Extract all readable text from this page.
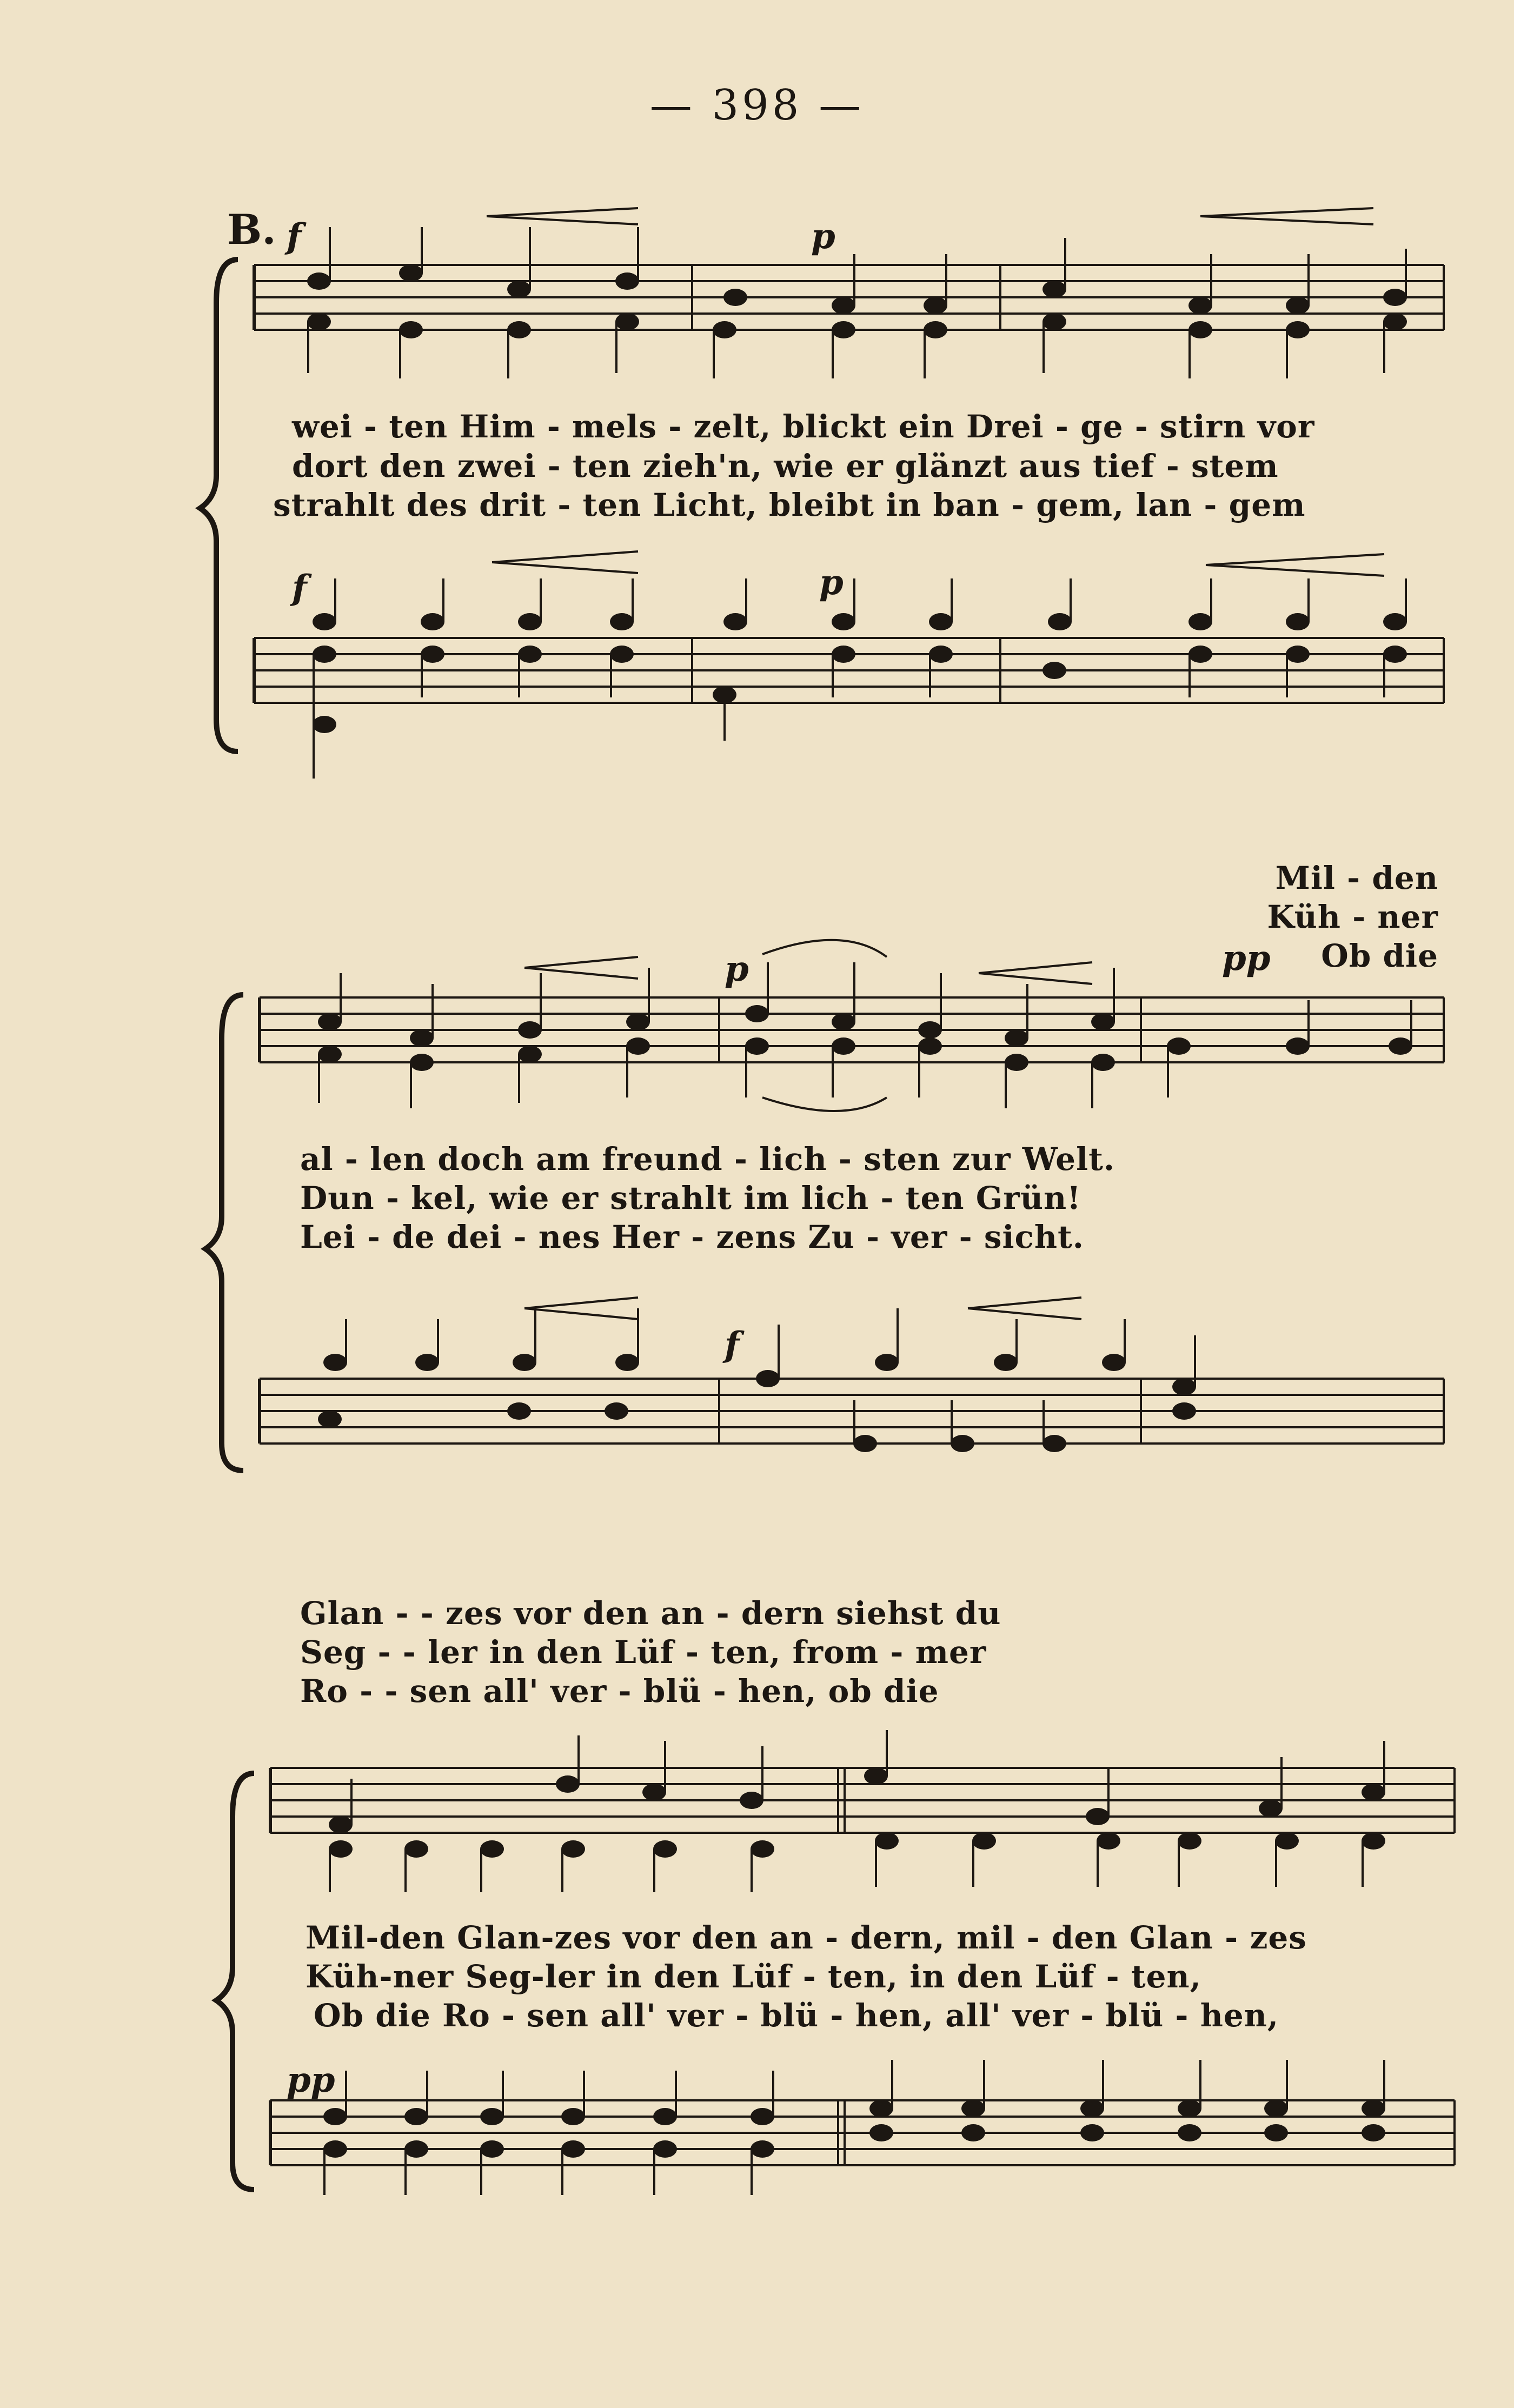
— 398 —
B. f	p
f	p
wei - ten Him - mels - zelt, blickt ein Drei - ge - stirn vor
dort den zwei - ten zieh'n, wie er glänzt aus tief - stem
strahlt des drit - ten Licht, bleibt in ban - gem, lan - gem
Mil - den
Küh - ner
Ob die
p	pp
f
al - len doch am freund - lich - sten zur Welt.
Dun - kel, wie er strahlt im lich - ten Grün!
Lei - de dei - nes Her - zens Zu - ver - sicht.
Glan - - zes vor den an - dern siehst du
Seg - - ler in den Lüf - ten, from - mer
Ro - - sen all' ver - blü - hen, ob die
pp
Mil-den Glan-zes vor den an - dern, mil - den Glan - zes
Küh-ner Seg-ler in den Lüf - ten, in den Lüf - ten,
Ob die Ro - sen all' ver - blü - hen, all' ver - blü - hen,
